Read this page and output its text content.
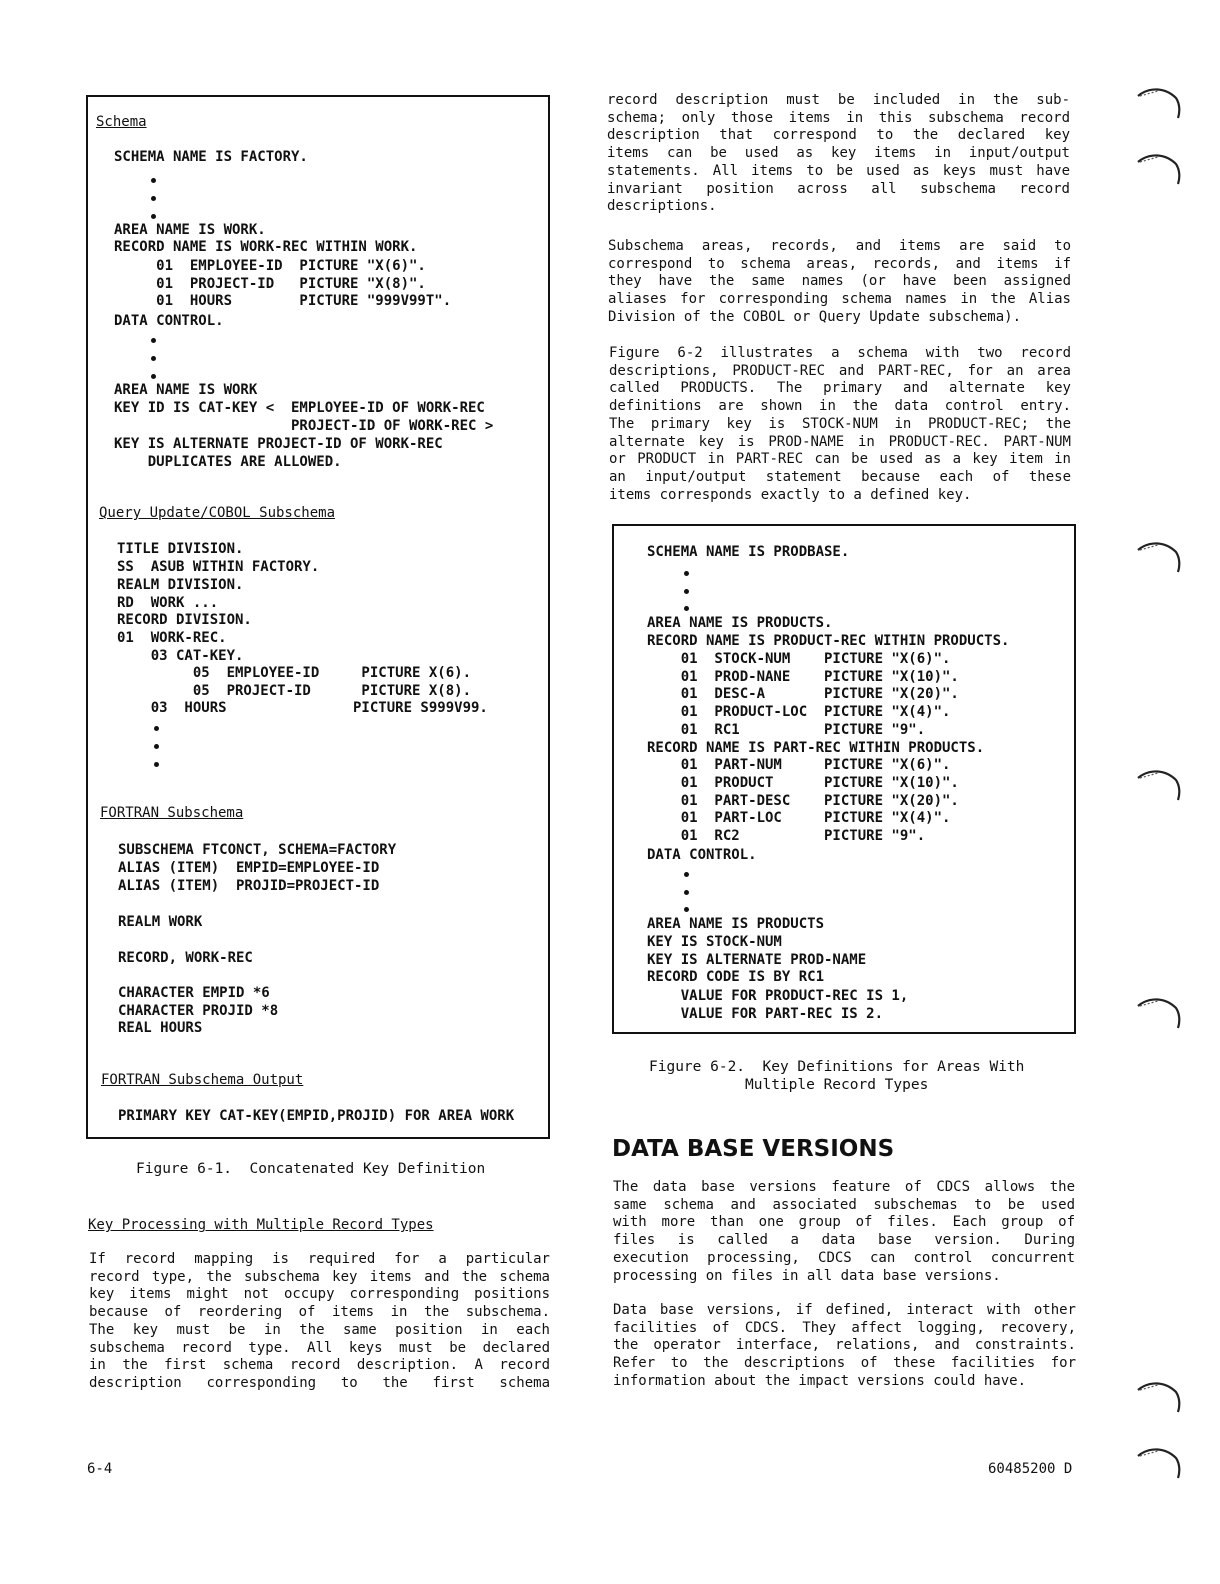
Schema
SCHEMA NAME IS FACTORY.
AREA NAME IS WORK.
RECORD NAME IS WORK-REC WITHIN WORK.
01  EMPLOYEE-ID  PICTURE "X(6)".
01  PROJECT-ID   PICTURE "X(8)".
01  HOURS        PICTURE "999V99T".
DATA CONTROL.
AREA NAME IS WORK
KEY ID IS CAT-KEY <  EMPLOYEE-ID OF WORK-REC
PROJECT-ID OF WORK-REC >
KEY IS ALTERNATE PROJECT-ID OF WORK-REC
DUPLICATES ARE ALLOWED.
Query Update/COBOL Subschema
TITLE DIVISION.
SS  ASUB WITHIN FACTORY.
REALM DIVISION.
RD  WORK ...
RECORD DIVISION.
01  WORK-REC.
03 CAT-KEY.
05  EMPLOYEE-ID     PICTURE X(6).
05  PROJECT-ID      PICTURE X(8).
03  HOURS               PICTURE S999V99.
FORTRAN Subschema
SUBSCHEMA FTCONCT, SCHEMA=FACTORY
ALIAS (ITEM)  EMPID=EMPLOYEE-ID
ALIAS (ITEM)  PROJID=PROJECT-ID
REALM WORK
RECORD, WORK-REC
CHARACTER EMPID *6
CHARACTER PROJID *8
REAL HOURS
FORTRAN Subschema Output
PRIMARY KEY CAT-KEY(EMPID,PROJID) FOR AREA WORK
Figure 6-1.  Concatenated Key Definition
Key Processing with Multiple Record Types
If record mapping is required for a particular
record type, the subschema key items and the schema
key items might not occupy corresponding positions
because of reordering of items in the subschema.
The key must be in the same position in each
subschema record type. All keys must be declared
in the first schema record description. A record
description corresponding to the first schema
record description must be included in the sub-
schema; only those items in this subschema record
description that correspond to the declared key
items can be used as key items in input/output
statements. All items to be used as keys must have
invariant position across all subschema record
descriptions.
Subschema areas, records, and items are said to
correspond to schema areas, records, and items if
they have the same names (or have been assigned
aliases for corresponding schema names in the Alias
Division of the COBOL or Query Update subschema).
Figure 6-2 illustrates a schema with two record
descriptions, PRODUCT-REC and PART-REC, for an area
called PRODUCTS. The primary and alternate key
definitions are shown in the data control entry.
The primary key is STOCK-NUM in PRODUCT-REC; the
alternate key is PROD-NAME in PRODUCT-REC. PART-NUM
or PRODUCT in PART-REC can be used as a key item in
an input/output statement because each of these
items corresponds exactly to a defined key.
SCHEMA NAME IS PRODBASE.
AREA NAME IS PRODUCTS.
RECORD NAME IS PRODUCT-REC WITHIN PRODUCTS.
01  STOCK-NUM    PICTURE "X(6)".
01  PROD-NANE    PICTURE "X(10)".
01  DESC-A       PICTURE "X(20)".
01  PRODUCT-LOC  PICTURE "X(4)".
01  RC1          PICTURE "9".
RECORD NAME IS PART-REC WITHIN PRODUCTS.
01  PART-NUM     PICTURE "X(6)".
01  PRODUCT      PICTURE "X(10)".
01  PART-DESC    PICTURE "X(20)".
01  PART-LOC     PICTURE "X(4)".
01  RC2          PICTURE "9".
DATA CONTROL.
AREA NAME IS PRODUCTS
KEY IS STOCK-NUM
KEY IS ALTERNATE PROD-NAME
RECORD CODE IS BY RC1
VALUE FOR PRODUCT-REC IS 1,
VALUE FOR PART-REC IS 2.
Figure 6-2.  Key Definitions for Areas With
Multiple Record Types
DATA BASE VERSIONS
The data base versions feature of CDCS allows the
same schema and associated subschemas to be used
with more than one group of files. Each group of
files is called a data base version. During
execution processing, CDCS can control concurrent
processing on files in all data base versions.
Data base versions, if defined, interact with other
facilities of CDCS. They affect logging, recovery,
the operator interface, relations, and constraints.
Refer to the descriptions of these facilities for
information about the impact versions could have.
6-4	60485200 D
